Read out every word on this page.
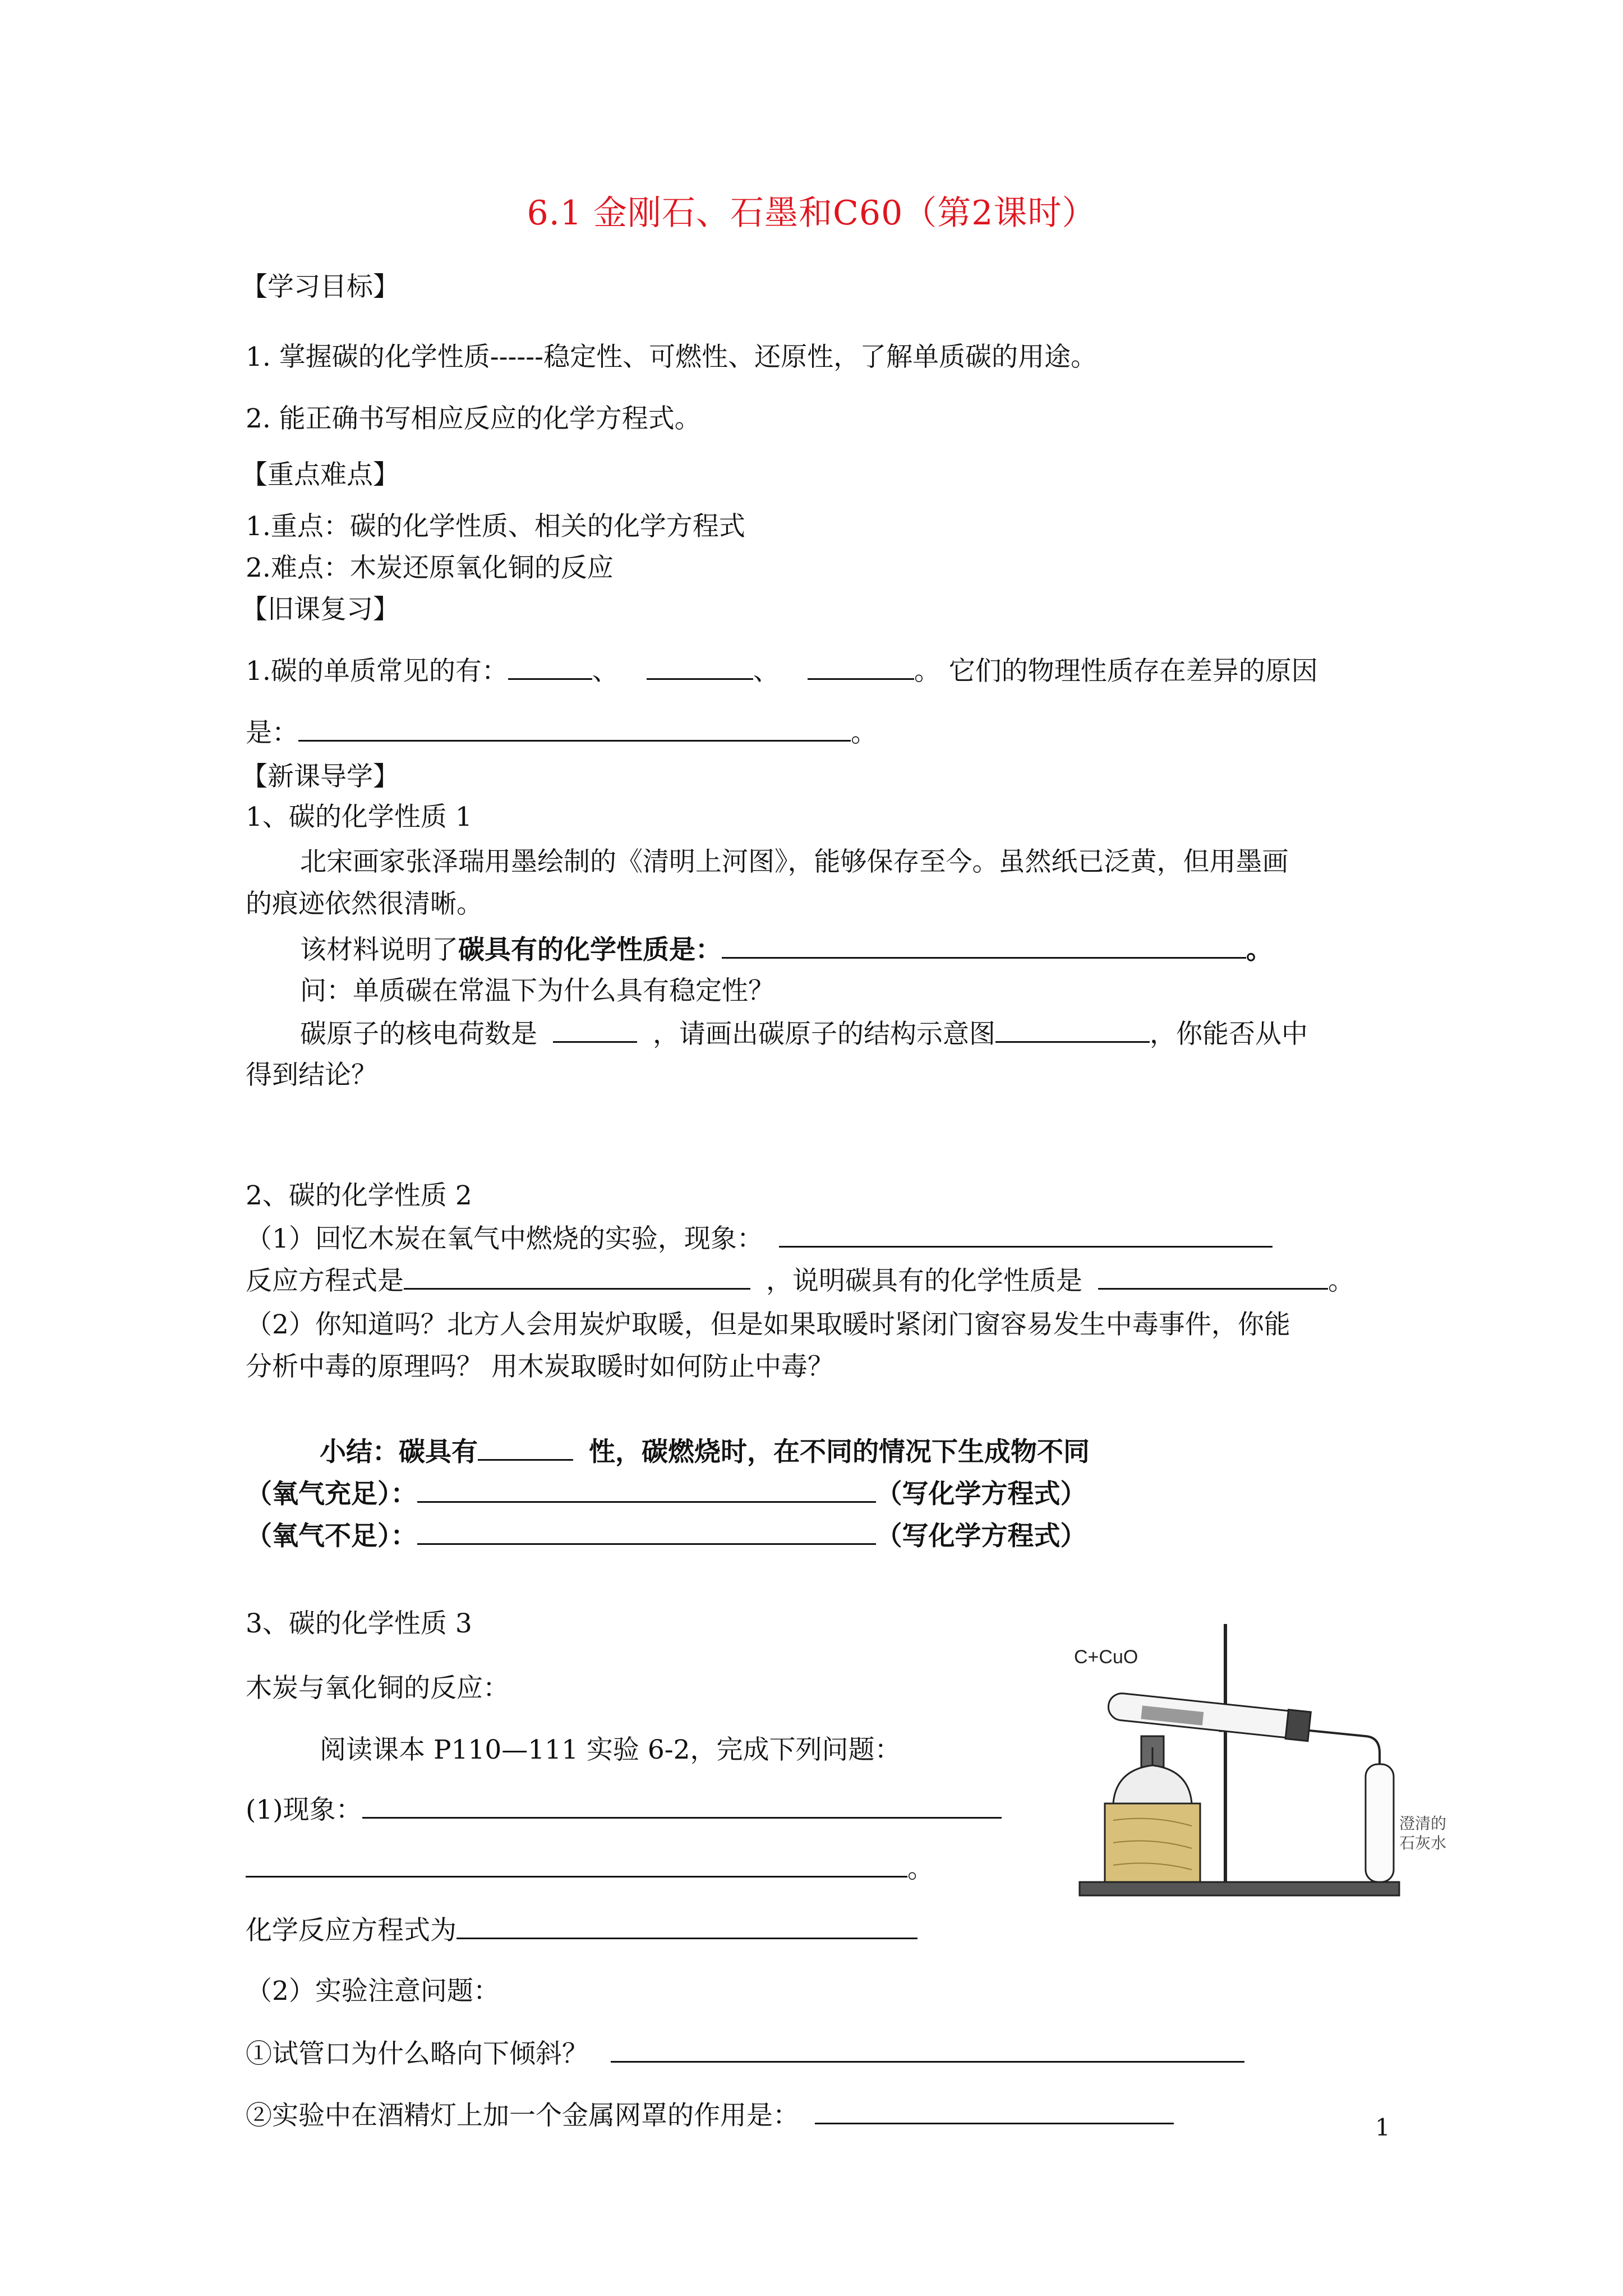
6.1 金刚石、石墨和C60（第2课时）
【学习目标】
1. 掌握碳的化学性质------稳定性、可燃性、还原性，了解单质碳的用途。
2. 能正确书写相应反应的化学方程式。
【重点难点】
1.重点：碳的化学性质、相关的化学方程式
2.难点：木炭还原氧化铜的反应
【旧课复习】
1.碳的单质常见的有：	、	、	。 它们的物理性质存在差异的原因
是：	。
【新课导学】
1、碳的化学性质 1
北宋画家张泽瑞用墨绘制的《清明上河图》，能够保存至今。虽然纸已泛黄，但用墨画
的痕迹依然很清晰。
该材料说明了碳具有的化学性质是：	。
问：单质碳在常温下为什么具有稳定性？
碳原子的核电荷数是	，请画出碳原子的结构示意图	，你能否从中
得到结论？
2、碳的化学性质 2
（1）回忆木炭在氧气中燃烧的实验，现象：
反应方程式是	，说明碳具有的化学性质是	。
（2）你知道吗？北方人会用炭炉取暖，但是如果取暖时紧闭门窗容易发生中毒事件，你能
分析中毒的原理吗？ 用木炭取暖时如何防止中毒？
小结：碳具有	性，碳燃烧时，在不同的情况下生成物不同
（氧气充足）：	（写化学方程式）
（氧气不足）：	（写化学方程式）
3、碳的化学性质 3
木炭与氧化铜的反应：
阅读课本 P110—111 实验 6-2，完成下列问题：
(1)现象：
。
化学反应方程式为
（2）实验注意问题：
①试管口为什么略向下倾斜？
②实验中在酒精灯上加一个金属网罩的作用是：
C+CuO
澄清的
石灰水
1
